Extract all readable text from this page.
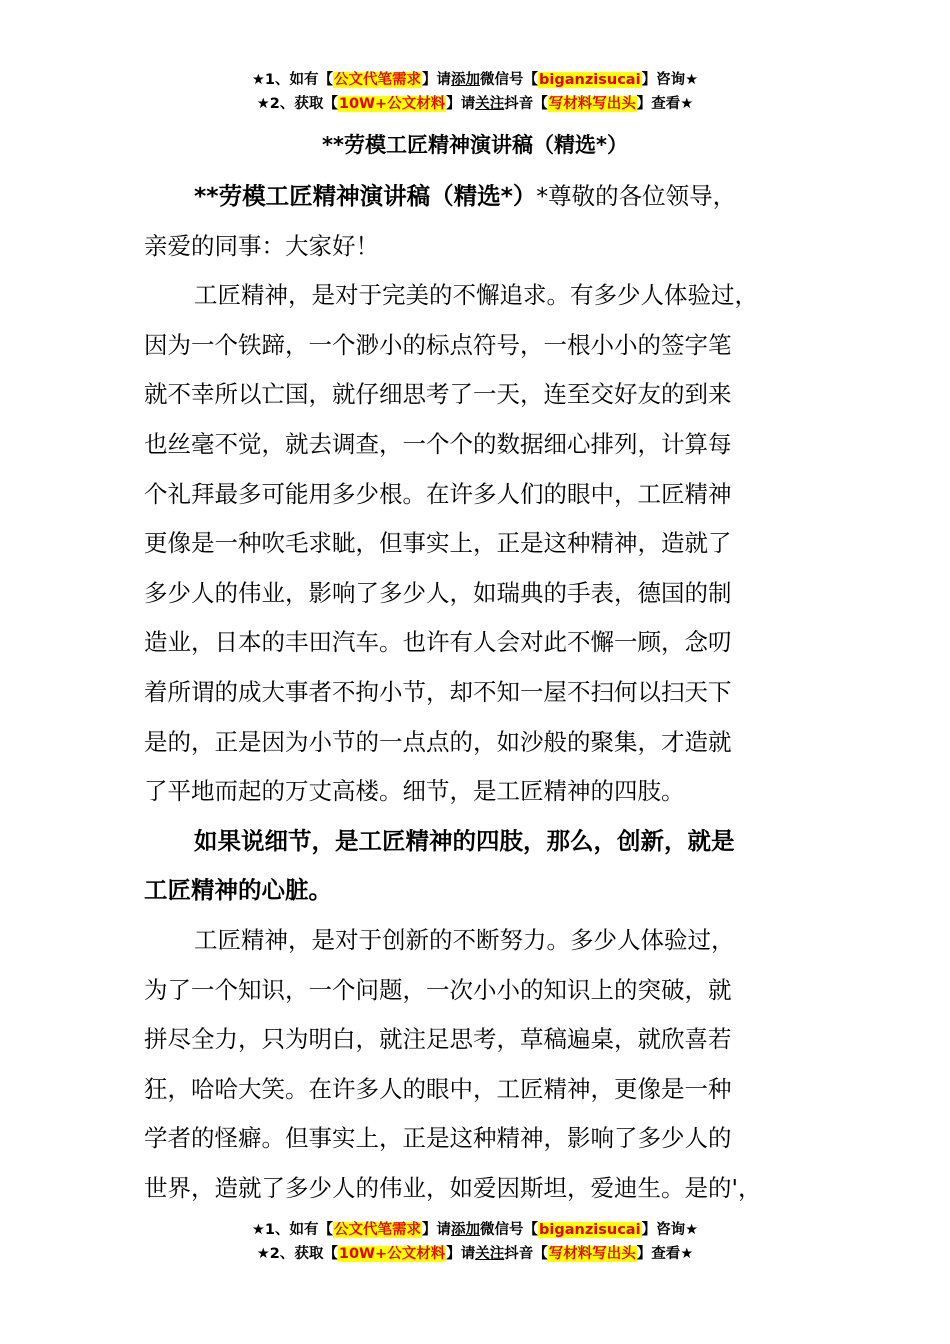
★1、如有【公文代笔需求】请添加微信号【biganzisucai】咨询★
★2、获取【10W+公文材料】请关注抖音【写材料写出头】查看★
**劳模工匠精神演讲稿（精选*）
**劳模工匠精神演讲稿（精选*）*尊敬的各位领导，
亲爱的同事：大家好！
工匠精神，是对于完美的不懈追求。有多少人体验过，
因为一个铁蹄，一个渺小的标点符号，一根小小的签字笔
就不幸所以亡国，就仔细思考了一天，连至交好友的到来
也丝毫不觉，就去调查，一个个的数据细心排列，计算每
个礼拜最多可能用多少根。在许多人们的眼中，工匠精神
更像是一种吹毛求眦，但事实上，正是这种精神，造就了
多少人的伟业，影响了多少人，如瑞典的手表，德国的制
造业，日本的丰田汽车。也许有人会对此不懈一顾，念叨
着所谓的成大事者不拘小节，却不知一屋不扫何以扫天下
是的，正是因为小节的一点点的，如沙般的聚集，才造就
了平地而起的万丈高楼。细节，是工匠精神的四肢。
如果说细节，是工匠精神的四肢，那么，创新，就是
工匠精神的心脏。
工匠精神，是对于创新的不断努力。多少人体验过，
为了一个知识，一个问题，一次小小的知识上的突破，就
拼尽全力，只为明白，就注足思考，草稿遍桌，就欣喜若
狂，哈哈大笑。在许多人的眼中，工匠精神，更像是一种
学者的怪癖。但事实上，正是这种精神，影响了多少人的
世界，造就了多少人的伟业，如爱因斯坦，爱迪生。是的'，
★1、如有【公文代笔需求】请添加微信号【biganzisucai】咨询★
★2、获取【10W+公文材料】请关注抖音【写材料写出头】查看★
